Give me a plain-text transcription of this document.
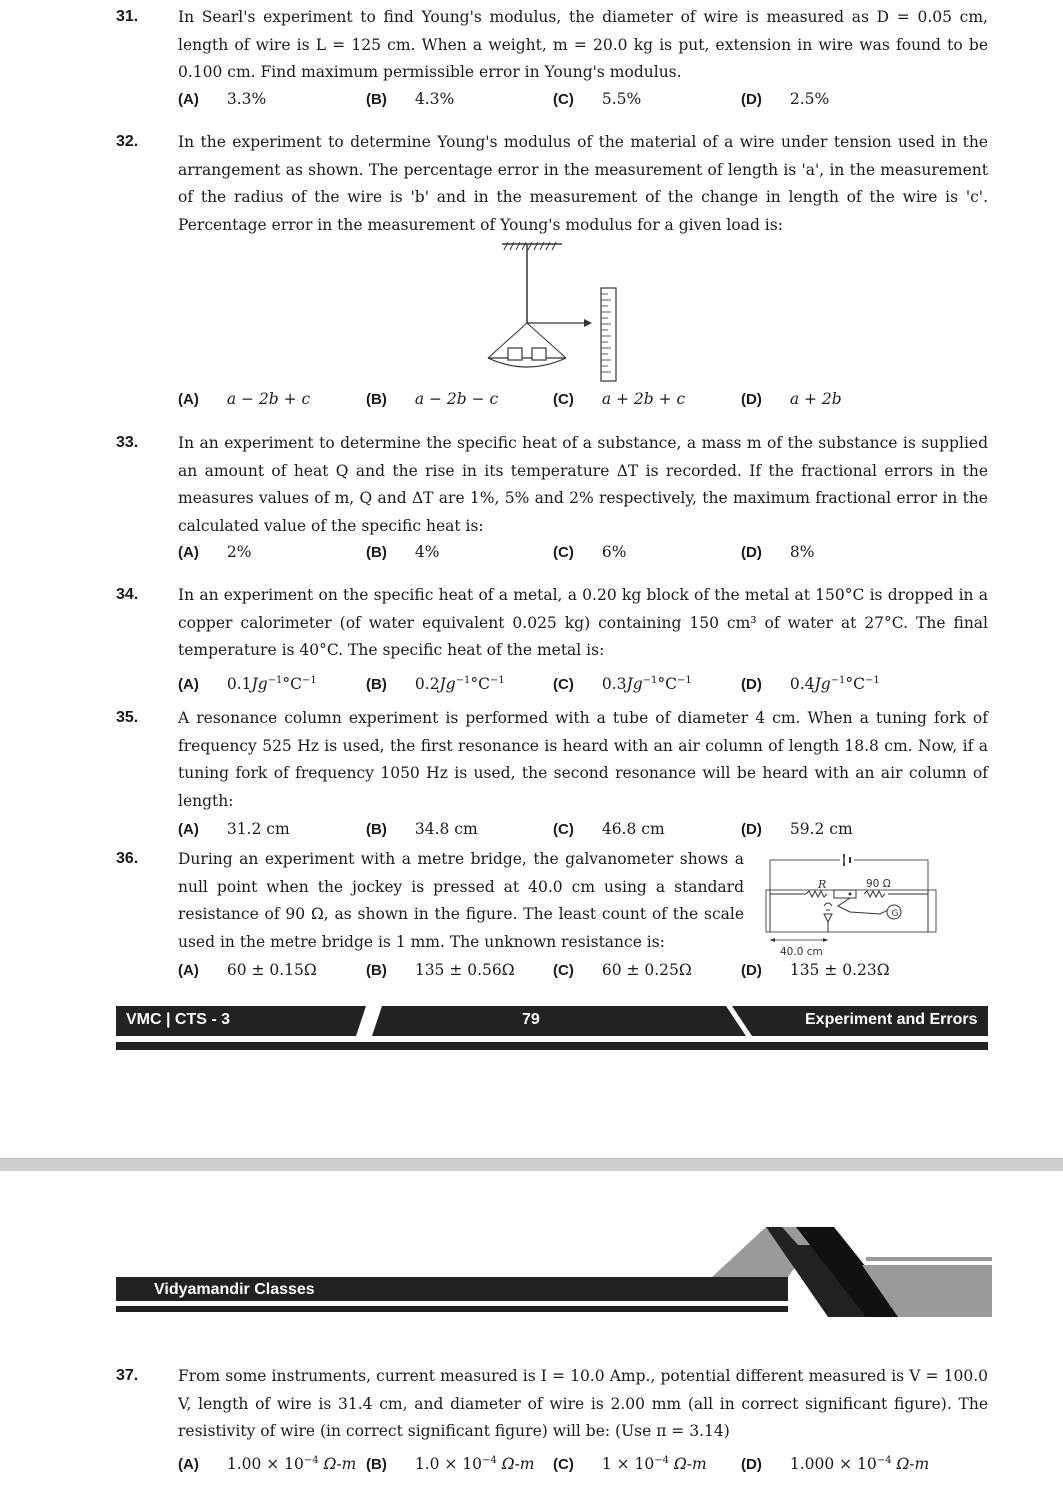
31.	In Searl's experiment to find Young's modulus, the diameter of wire is measured as D = 0.05 cm, length of wire is L = 125 cm. When a weight, m = 20.0 kg is put, extension in wire was found to be 0.100 cm. Find maximum permissible error in Young's modulus.
(A) 3.3%	(B) 4.3%	(C) 5.5%	(D) 2.5%
32.	In the experiment to determine Young's modulus of the material of a wire under tension used in the arrangement as shown. The percentage error in the measurement of length is 'a', in the measurement of the radius of the wire is 'b' and in the measurement of the change in length of the wire is 'c'. Percentage error in the measurement of Young's modulus for a given load is:
(A) a − 2b + c	(B) a − 2b − c	(C) a + 2b + c	(D) a + 2b
33.	In an experiment to determine the specific heat of a substance, a mass m of the substance is supplied an amount of heat Q and the rise in its temperature ΔT is recorded. If the fractional errors in the measures values of m, Q and ΔT are 1%, 5% and 2% respectively, the maximum fractional error in the calculated value of the specific heat is:
(A) 2%	(B) 4%	(C) 6%	(D) 8%
34.	In an experiment on the specific heat of a metal, a 0.20 kg block of the metal at 150°C is dropped in a copper calorimeter (of water equivalent 0.025 kg) containing 150 cm³ of water at 27°C. The final temperature is 40°C. The specific heat of the metal is:
(A) $0.1Jg^{-1}^\circ C^{-1}$	(B) $0.2Jg^{-1}^\circ C^{-1}$	(C) $0.3Jg^{-1}^\circ C^{-1}$	(D) $0.4Jg^{-1}^\circ C^{-1}$
35.	A resonance column experiment is performed with a tube of diameter 4 cm. When a tuning fork of frequency 525 Hz is used, the first resonance is heard with an air column of length 18.8 cm. Now, if a tuning fork of frequency 1050 Hz is used, the second resonance will be heard with an air column of length:
(A) 31.2 cm	(B) 34.8 cm	(C) 46.8 cm	(D) 59.2 cm
36.	During an experiment with a metre bridge, the galvanometer shows a null point when the jockey is pressed at 40.0 cm using a standard resistance of 90 Ω, as shown in the figure. The least count of the scale used in the metre bridge is 1 mm. The unknown resistance is:
(A) 60 ± 0.15Ω	(B) 135 ± 0.56Ω	(C) 60 ± 0.25Ω	(D) 135 ± 0.23Ω
R	90 Ω
G
40.0 cm
VMC | CTS - 3	79	Experiment and Errors
Vidyamandir Classes
37.	From some instruments, current measured is I = 10.0 Amp., potential different measured is V = 100.0 V, length of wire is 31.4 cm, and diameter of wire is 2.00 mm (all in correct significant figure). The resistivity of wire (in correct significant figure) will be: (Use π = 3.14)
(A) $1.00 \times 10^{-4}$ Ω-m (B) $1.0 \times 10^{-4}$ Ω-m (C) $1 \times 10^{-4}$ Ω-m (D) $1.000 \times 10^{-4}$ Ω-m
